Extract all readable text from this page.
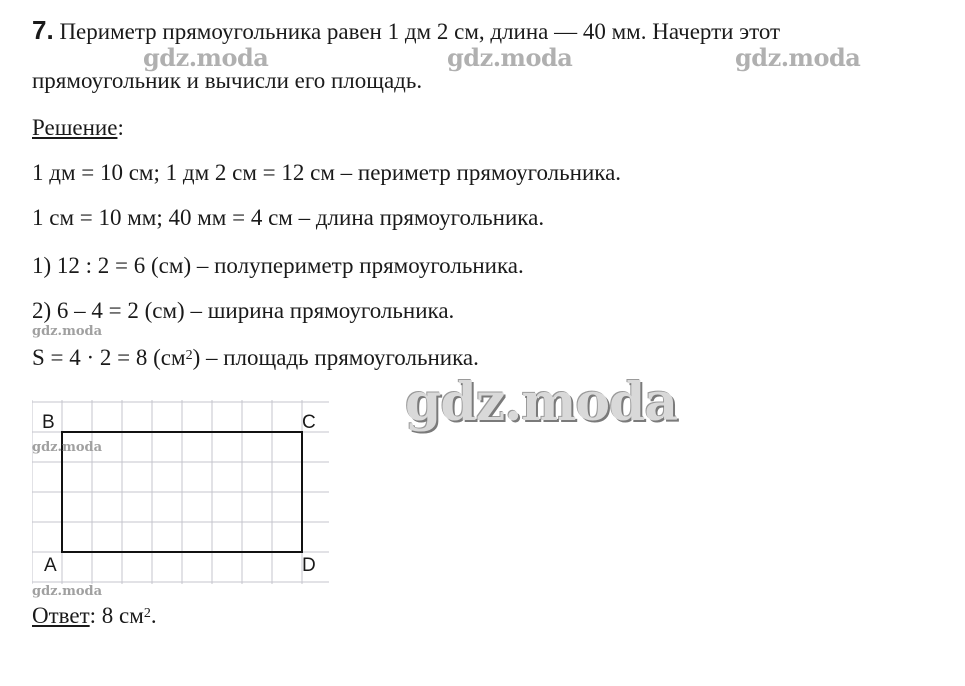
7. Периметр прямоугольника равен 1 дм 2 см, длина — 40 мм. Начерти этот
прямоугольник и вычисли его площадь.
gdz.moda	gdz.moda	gdz.moda
Решение:
1 дм = 10 см; 1 дм 2 см = 12 см – периметр прямоугольника.
1 см = 10 мм; 40 мм = 4 см – длина прямоугольника.
1) 12 : 2 = 6 (см) – полупериметр прямоугольника.
2) 6 – 4 = 2 (см) – ширина прямоугольника.
gdz.moda
S = 4 · 2 = 8 $(см^2)$ – площадь прямоугольника.
gdz.moda
B	C
A	D
gdz.moda
gdz.moda
Ответ: 8 $см^2$.
